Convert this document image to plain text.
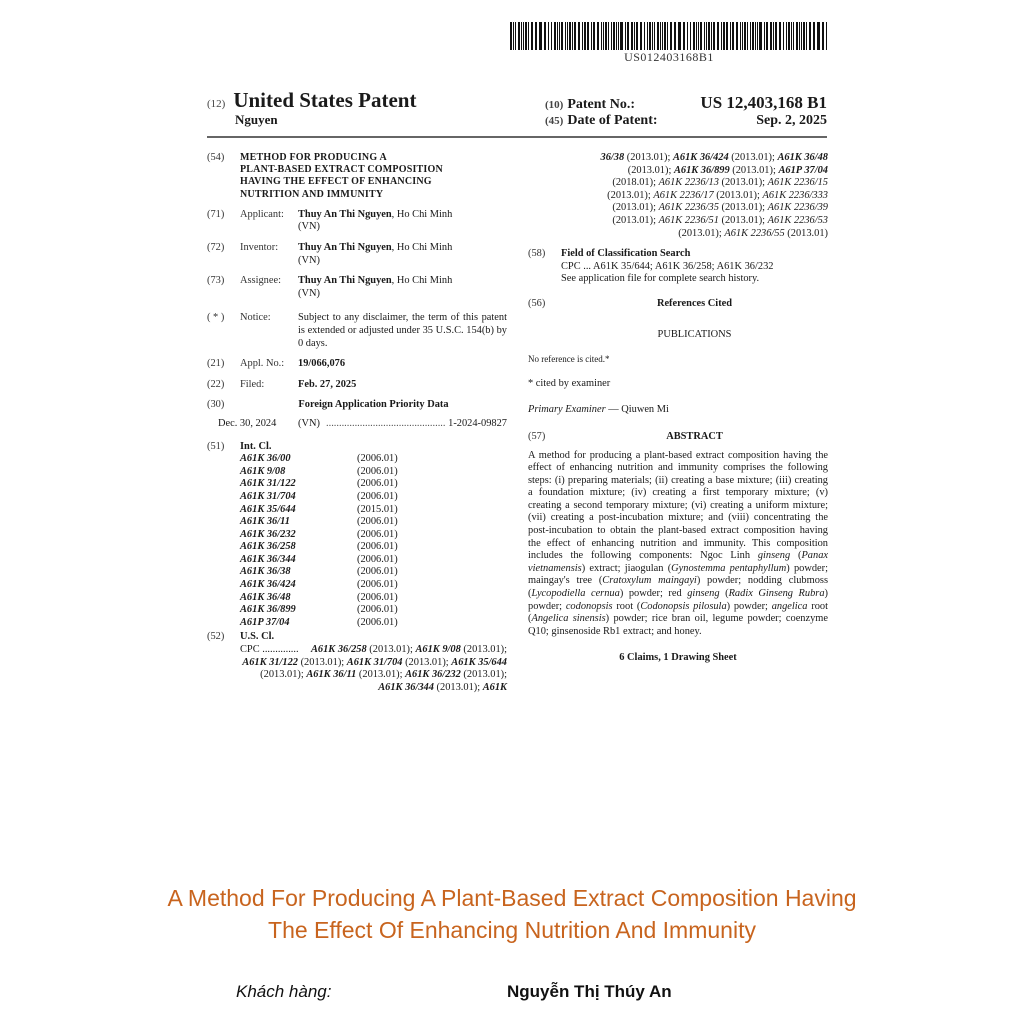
US012403168B1
(12) United States Patent
Nguyen
(10) Patent No.:	US 12,403,168 B1
(45) Date of Patent:	Sep. 2, 2025
(54)	METHOD FOR PRODUCING A
PLANT-BASED EXTRACT COMPOSITION
HAVING THE EFFECT OF ENHANCING
NUTRITION AND IMMUNITY
(71)	Applicant:	Thuy An Thi Nguyen, Ho Chi Minh
(VN)
(72)	Inventor:	Thuy An Thi Nguyen, Ho Chi Minh
(VN)
(73)	Assignee:	Thuy An Thi Nguyen, Ho Chi Minh
(VN)
( * )	Notice:	Subject to any disclaimer, the term of this patent is extended or adjusted under 35 U.S.C. 154(b) by 0 days.
(21)	Appl. No.:	19/066,076
(22)	Filed:	Feb. 27, 2025
(30)	Foreign Application Priority Data
Dec. 30, 2024	(VN) .............................................. 1-2024-09827
(51)	Int. Cl.
A61K 36/00	(2006.01)
A61K 9/08	(2006.01)
A61K 31/122	(2006.01)
A61K 31/704	(2006.01)
A61K 35/644	(2015.01)
A61K 36/11	(2006.01)
A61K 36/232	(2006.01)
A61K 36/258	(2006.01)
A61K 36/344	(2006.01)
A61K 36/38	(2006.01)
A61K 36/424	(2006.01)
A61K 36/48	(2006.01)
A61K 36/899	(2006.01)
A61P 37/04	(2006.01)
(52)	U.S. Cl.
CPC .............. A61K 36/258 (2013.01); A61K 9/08 (2013.01); A61K 31/122 (2013.01); A61K 31/704 (2013.01); A61K 35/644 (2013.01); A61K 36/11 (2013.01); A61K 36/232 (2013.01); A61K 36/344 (2013.01); A61K
36/38 (2013.01); A61K 36/424 (2013.01); A61K 36/48 (2013.01); A61K 36/899 (2013.01); A61P 37/04 (2018.01); A61K 2236/13 (2013.01); A61K 2236/15 (2013.01); A61K 2236/17 (2013.01); A61K 2236/333 (2013.01); A61K 2236/35 (2013.01); A61K 2236/39 (2013.01); A61K 2236/51 (2013.01); A61K 2236/53 (2013.01); A61K 2236/55 (2013.01)
(58)	Field of Classification Search
CPC ... A61K 35/644; A61K 36/258; A61K 36/232
See application file for complete search history.
(56)	References Cited
PUBLICATIONS
No reference is cited.*
* cited by examiner
Primary Examiner — Qiuwen Mi
(57)	ABSTRACT
A method for producing a plant-based extract composition having the effect of enhancing nutrition and immunity comprises the following steps: (i) preparing materials; (ii) creating a base mixture; (iii) creating a foundation mixture; (iv) creating a first temporary mixture; (v) creating a second temporary mixture; (vi) creating a uniform mixture; (vii) creating a post-incubation mixture; and (viii) concentrating the post-incubation to obtain the plant-based extract composition having the effect of enhancing nutrition and immunity. This composition includes the following components: Ngoc Linh ginseng (Panax vietnamensis) extract; jiaogulan (Gynostemma pentaphyllum) powder; maingay's tree (Cratoxylum maingayi) powder; nodding clubmoss (Lycopodiella cernua) powder; red ginseng (Radix Ginseng Rubra) powder; codonopsis root (Codonopsis pilosula) powder; angelica root (Angelica sinensis) powder; rice bran oil, legume powder; coenzyme Q10; ginsenoside Rb1 extract; and honey.
6 Claims, 1 Drawing Sheet
A Method For Producing A Plant-Based Extract Composition Having
The Effect Of Enhancing Nutrition And Immunity
Khách hàng:	Nguyễn Thị Thúy An
